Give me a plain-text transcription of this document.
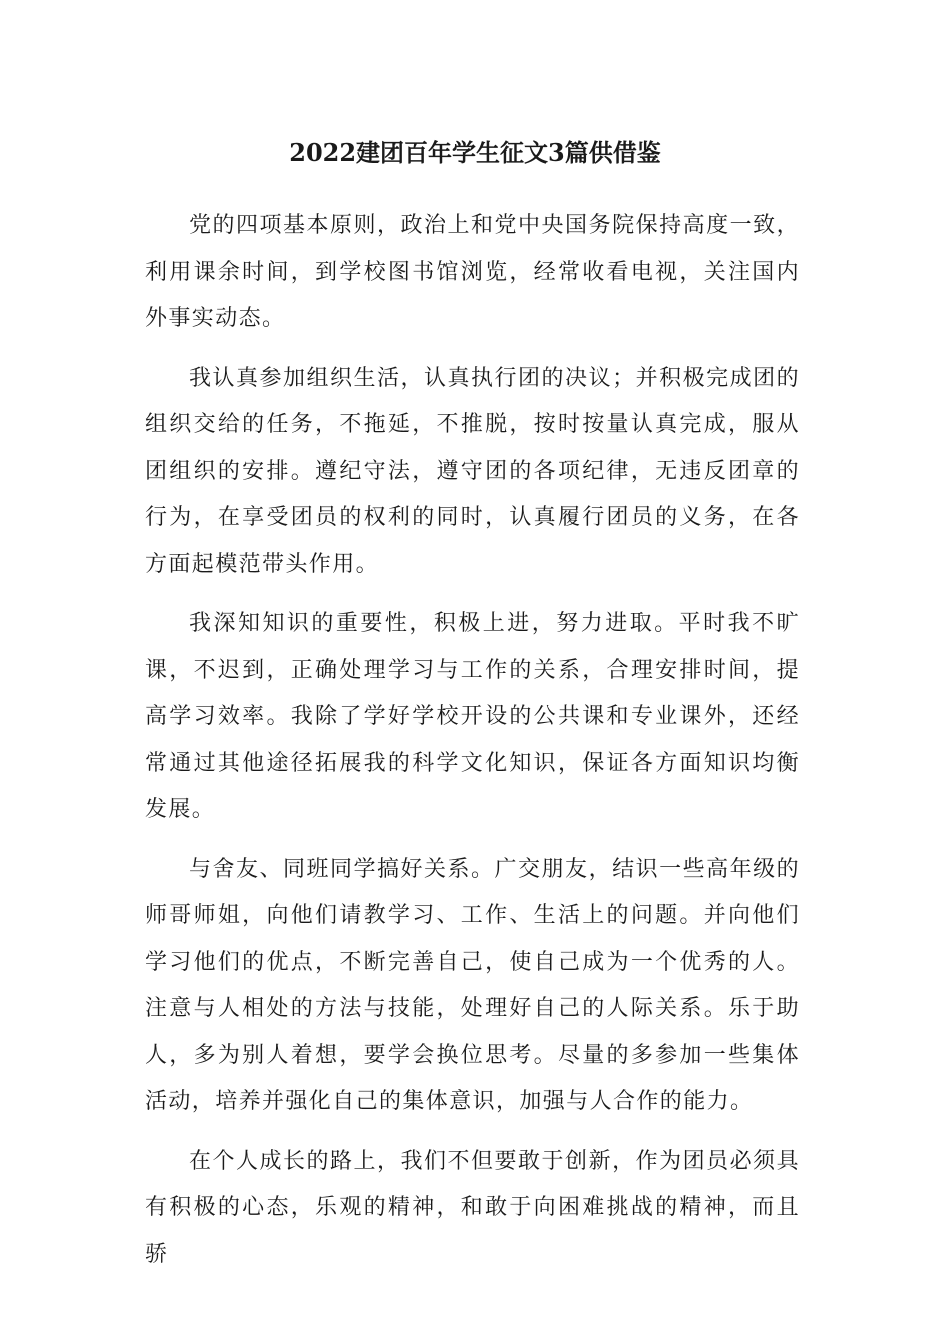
2022建团百年学生征文3篇供借鉴

党的四项基本原则，政治上和党中央国务院保持高度一致，利用课余时间，到学校图书馆浏览，经常收看电视，关注国内外事实动态。

我认真参加组织生活，认真执行团的决议；并积极完成团的组织交给的任务，不拖延，不推脱，按时按量认真完成，服从团组织的安排。遵纪守法，遵守团的各项纪律，无违反团章的行为，在享受团员的权利的同时，认真履行团员的义务，在各方面起模范带头作用。

我深知知识的重要性，积极上进，努力进取。平时我不旷课，不迟到，正确处理学习与工作的关系，合理安排时间，提高学习效率。我除了学好学校开设的公共课和专业课外，还经常通过其他途径拓展我的科学文化知识，保证各方面知识均衡发展。

与舍友、同班同学搞好关系。广交朋友，结识一些高年级的师哥师姐，向他们请教学习、工作、生活上的问题。并向他们学习他们的优点，不断完善自己，使自己成为一个优秀的人。注意与人相处的方法与技能，处理好自己的人际关系。乐于助人，多为别人着想，要学会换位思考。尽量的多参加一些集体活动，培养并强化自己的集体意识，加强与人合作的能力。

在个人成长的路上，我们不但要敢于创新，作为团员必须具有积极的心态，乐观的精神，和敢于向困难挑战的精神，而且骄
